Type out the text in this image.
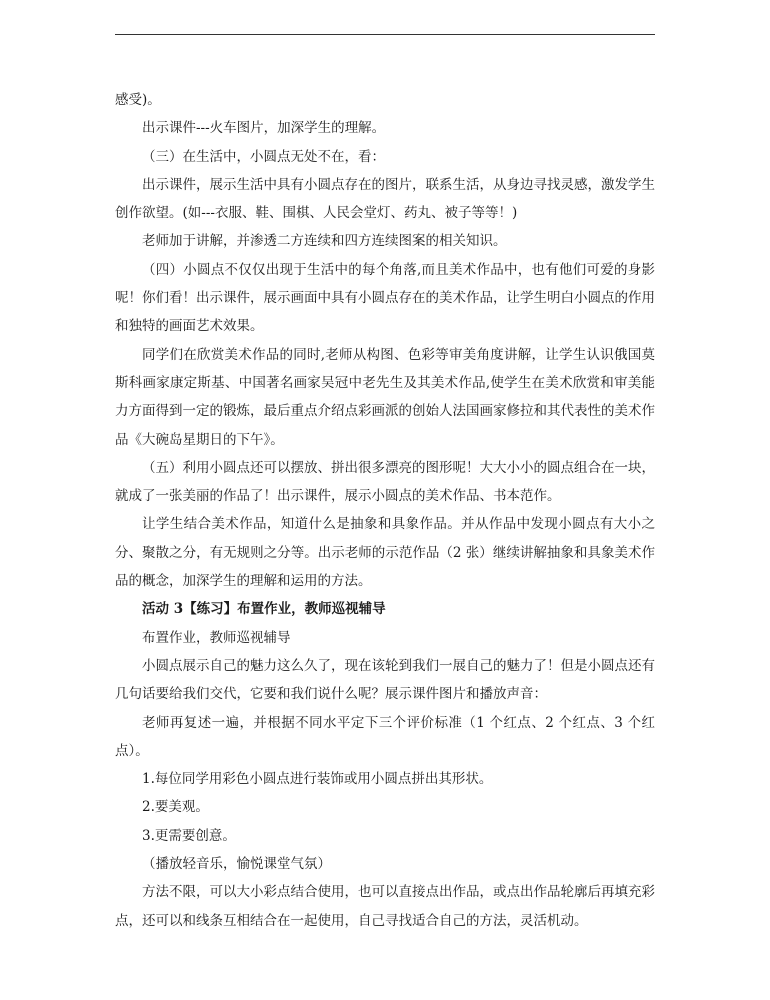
感受)。

出示课件---火车图片，加深学生的理解。

（三）在生活中，小圆点无处不在，看：

出示课件，展示生活中具有小圆点存在的图片，联系生活，从身边寻找灵感，激发学生创作欲望。(如---衣服、鞋、围棋、人民会堂灯、药丸、被子等等！)

老师加于讲解，并渗透二方连续和四方连续图案的相关知识。

（四）小圆点不仅仅出现于生活中的每个角落,而且美术作品中，也有他们可爱的身影呢！你们看！出示课件，展示画面中具有小圆点存在的美术作品，让学生明白小圆点的作用和独特的画面艺术效果。

同学们在欣赏美术作品的同时,老师从构图、色彩等审美角度讲解，让学生认识俄国莫斯科画家康定斯基、中国著名画家吴冠中老先生及其美术作品,使学生在美术欣赏和审美能力方面得到一定的锻炼，最后重点介绍点彩画派的创始人法国画家修拉和其代表性的美术作品《大碗岛星期日的下午》。

（五）利用小圆点还可以摆放、拼出很多漂亮的图形呢！大大小小的圆点组合在一块，就成了一张美丽的作品了！出示课件，展示小圆点的美术作品、书本范作。

让学生结合美术作品，知道什么是抽象和具象作品。并从作品中发现小圆点有大小之分、聚散之分，有无规则之分等。出示老师的示范作品（2 张）继续讲解抽象和具象美术作品的概念，加深学生的理解和运用的方法。

活动 3【练习】布置作业，教师巡视辅导

布置作业，教师巡视辅导

小圆点展示自己的魅力这么久了，现在该轮到我们一展自己的魅力了！但是小圆点还有几句话要给我们交代，它要和我们说什么呢？展示课件图片和播放声音：

老师再复述一遍，并根据不同水平定下三个评价标准（1 个红点、2 个红点、3 个红点）。

1.每位同学用彩色小圆点进行装饰或用小圆点拼出其形状。

2.要美观。

3.更需要创意。

（播放轻音乐，愉悦课堂气氛）

方法不限，可以大小彩点结合使用，也可以直接点出作品，或点出作品轮廓后再填充彩点，还可以和线条互相结合在一起使用，自己寻找适合自己的方法，灵活机动。
